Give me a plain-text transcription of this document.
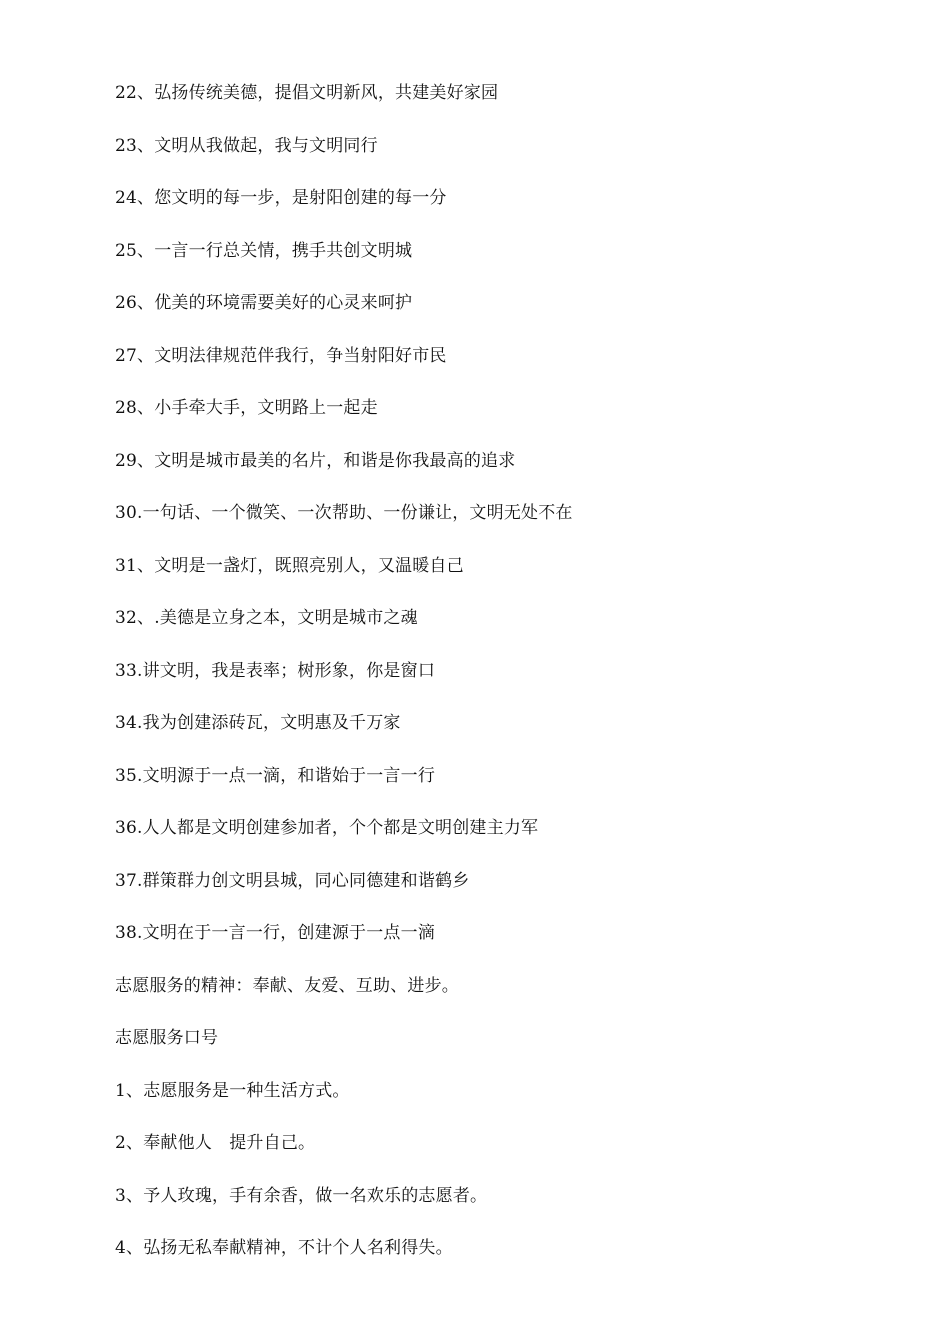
22、弘扬传统美德，提倡文明新风，共建美好家园
23、文明从我做起，我与文明同行
24、您文明的每一步，是射阳创建的每一分
25、一言一行总关情，携手共创文明城
26、优美的环境需要美好的心灵来呵护
27、文明法律规范伴我行，争当射阳好市民
28、小手牵大手，文明路上一起走
29、文明是城市最美的名片，和谐是你我最高的追求
30.一句话、一个微笑、一次帮助、一份谦让，文明无处不在
31、文明是一盏灯，既照亮别人，又温暖自己
32、.美德是立身之本，文明是城市之魂
33.讲文明，我是表率；树形象，你是窗口
34.我为创建添砖瓦，文明惠及千万家
35.文明源于一点一滴，和谐始于一言一行
36.人人都是文明创建参加者，个个都是文明创建主力军
37.群策群力创文明县城，同心同德建和谐鹤乡
38.文明在于一言一行，创建源于一点一滴
志愿服务的精神：奉献、友爱、互助、进步。
志愿服务口号
1、志愿服务是一种生活方式。
2、奉献他人　提升自己。
3、予人玫瑰，手有余香，做一名欢乐的志愿者。
4、弘扬无私奉献精神，不计个人名利得失。
